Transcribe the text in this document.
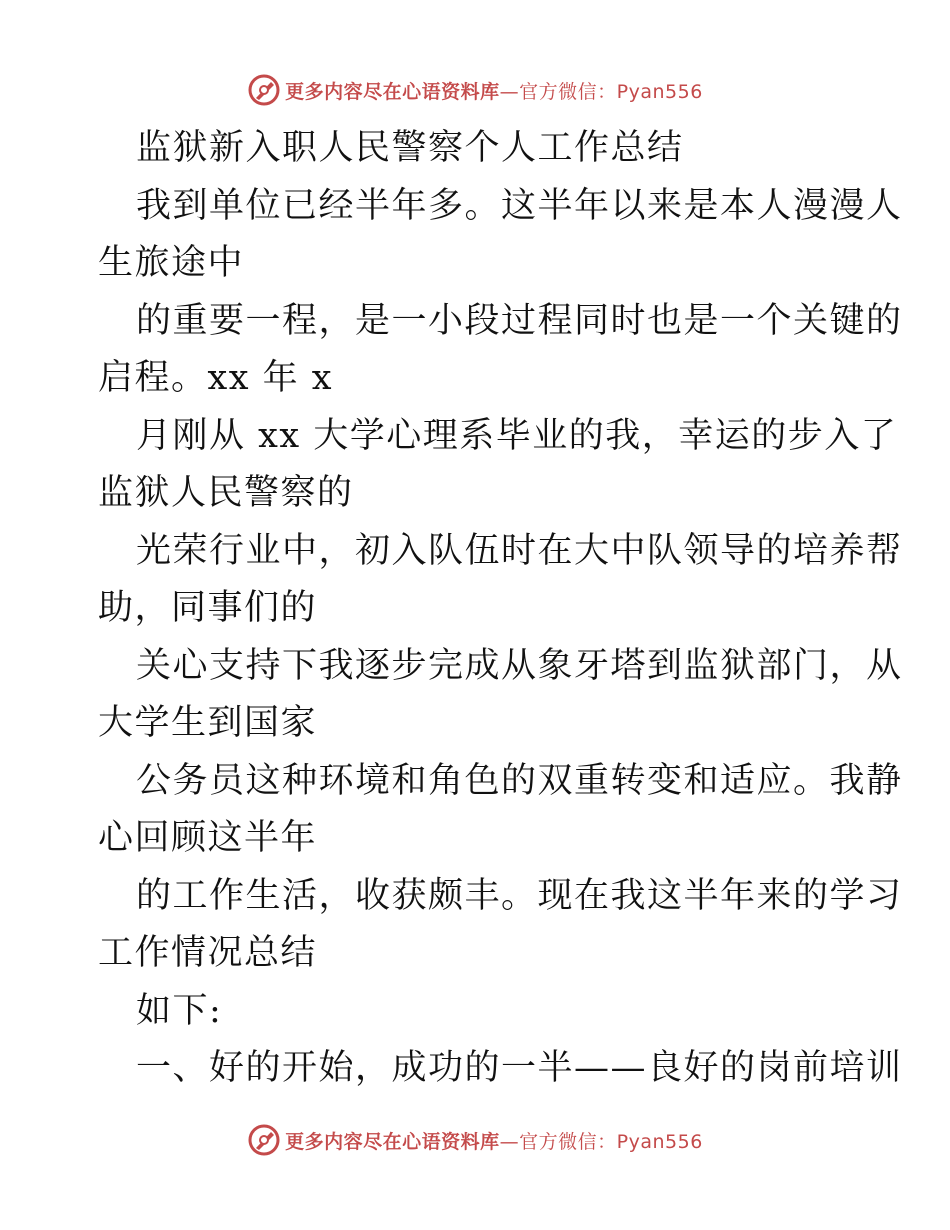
更多内容尽在心语资料库—官方微信：Pyan556
监狱新入职人民警察个人工作总结
我到单位已经半年多。这半年以来是本人漫漫人
生旅途中
的重要一程，是一小段过程同时也是一个关键的
启程。xx 年 x
月刚从 xx 大学心理系毕业的我，幸运的步入了
监狱人民警察的
光荣行业中，初入队伍时在大中队领导的培养帮
助，同事们的
关心支持下我逐步完成从象牙塔到监狱部门，从
大学生到国家
公务员这种环境和角色的双重转变和适应。我静
心回顾这半年
的工作生活，收获颇丰。现在我这半年来的学习
工作情况总结
如下:
一、好的开始，成功的一半——良好的岗前培训
更多内容尽在心语资料库—官方微信：Pyan556
